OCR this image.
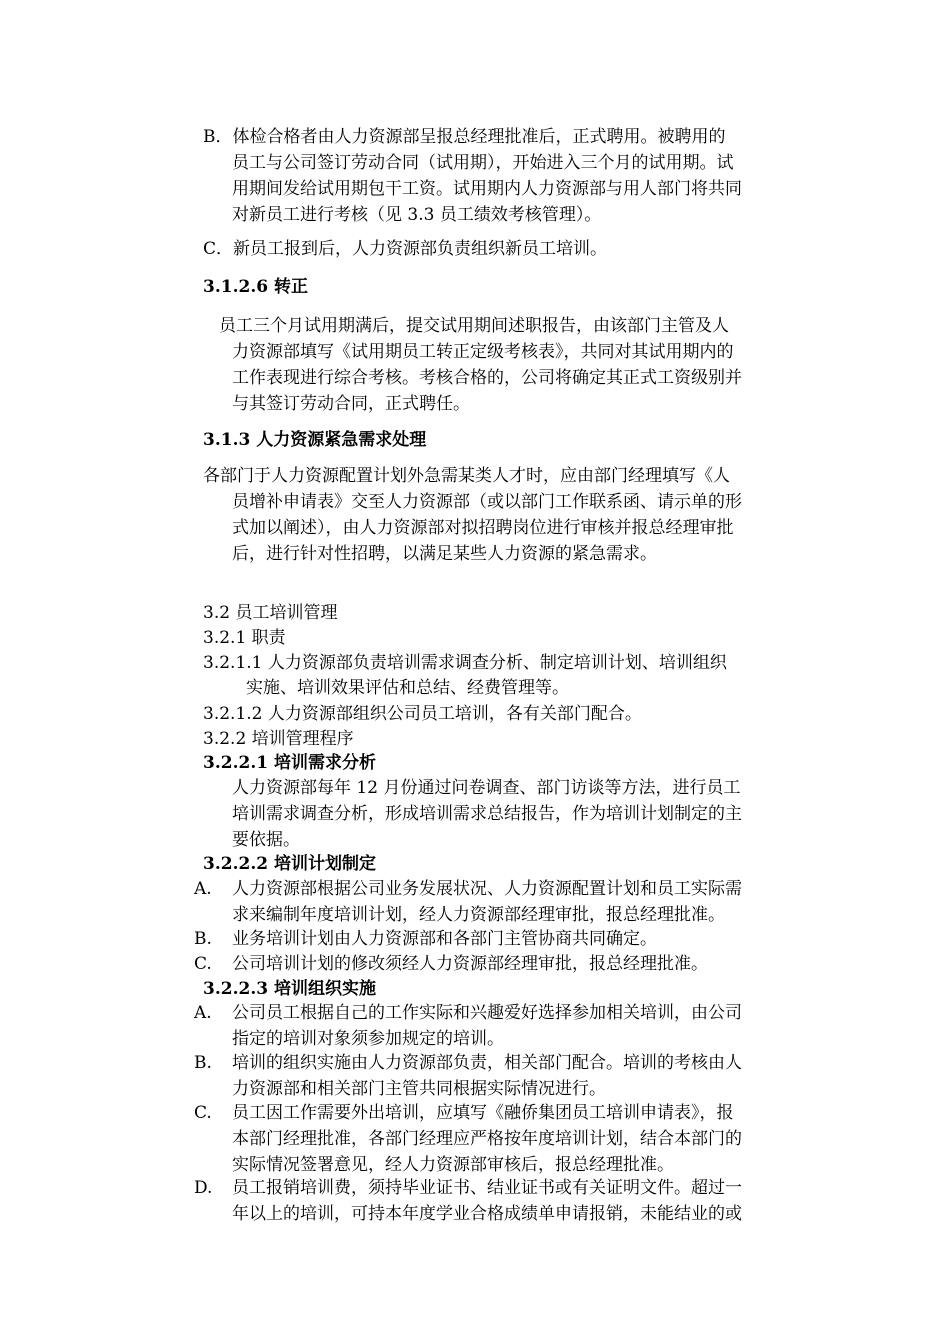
B．体检合格者由人力资源部呈报总经理批准后，正式聘用。被聘用的

员工与公司签订劳动合同（试用期），开始进入三个月的试用期。试

用期间发给试用期包干工资。试用期内人力资源部与用人部门将共同

对新员工进行考核（见 3.3 员工绩效考核管理）。

C．新员工报到后，人力资源部负责组织新员工培训。

3.1.2.6 转正

员工三个月试用期满后，提交试用期间述职报告，由该部门主管及人

力资源部填写《试用期员工转正定级考核表》，共同对其试用期内的

工作表现进行综合考核。考核合格的，公司将确定其正式工资级别并

与其签订劳动合同，正式聘任。

3.1.3 人力资源紧急需求处理

各部门于人力资源配置计划外急需某类人才时，应由部门经理填写《人

员增补申请表》交至人力资源部（或以部门工作联系函、请示单的形

式加以阐述），由人力资源部对拟招聘岗位进行审核并报总经理审批

后，进行针对性招聘，以满足某些人力资源的紧急需求。

3.2 员工培训管理

3.2.1 职责

3.2.1.1 人力资源部负责培训需求调查分析、制定培训计划、培训组织

实施、培训效果评估和总结、经费管理等。

3.2.1.2 人力资源部组织公司员工培训，各有关部门配合。

3.2.2 培训管理程序

3.2.2.1 培训需求分析

人力资源部每年 12 月份通过问卷调查、部门访谈等方法，进行员工

培训需求调查分析，形成培训需求总结报告，作为培训计划制定的主

要依据。

3.2.2.2 培训计划制定

A. 人力资源部根据公司业务发展状况、人力资源配置计划和员工实际需

求来编制年度培训计划，经人力资源部经理审批，报总经理批准。

B. 业务培训计划由人力资源部和各部门主管协商共同确定。

C. 公司培训计划的修改须经人力资源部经理审批，报总经理批准。

3.2.2.3 培训组织实施

A. 公司员工根据自己的工作实际和兴趣爱好选择参加相关培训，由公司

指定的培训对象须参加规定的培训。

B. 培训的组织实施由人力资源部负责，相关部门配合。培训的考核由人

力资源部和相关部门主管共同根据实际情况进行。

C. 员工因工作需要外出培训，应填写《融侨集团员工培训申请表》，报

本部门经理批准，各部门经理应严格按年度培训计划，结合本部门的

实际情况签署意见，经人力资源部审核后，报总经理批准。

D. 员工报销培训费，须持毕业证书、结业证书或有关证明文件。超过一

年以上的培训，可持本年度学业合格成绩单申请报销，未能结业的或
